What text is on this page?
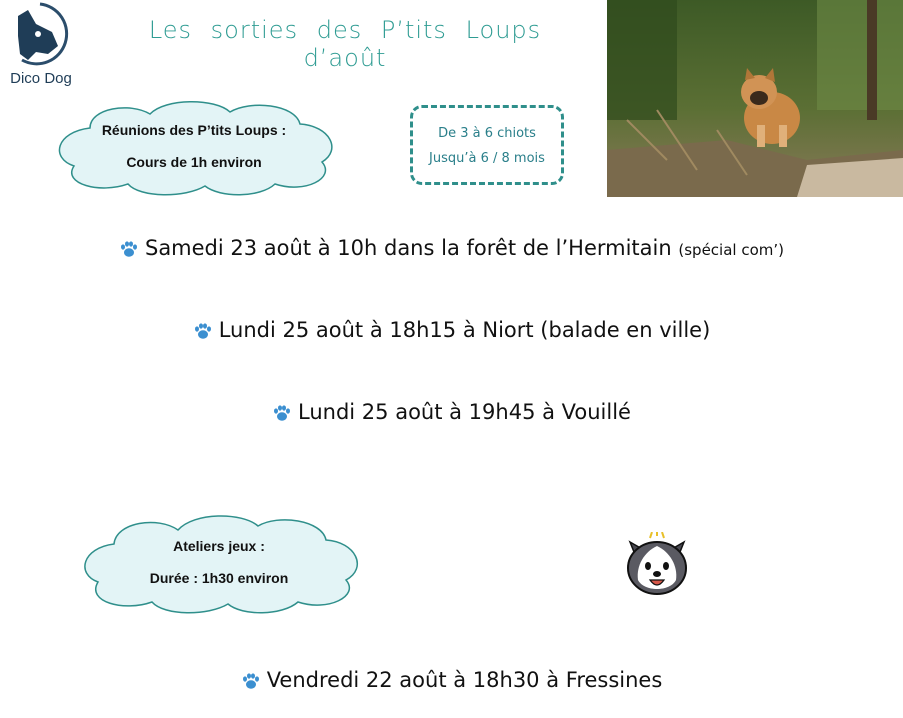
Dico Dog
Les sorties des P’tits Loups d’août
Réunions des P’tits Loups :
Cours de 1h environ
De 3 à 6 chiots
Jusqu’à 6 / 8 mois
Samedi 23 août à 10h dans la forêt de l’Hermitain (spécial com’)
Lundi 25 août à 18h15 à Niort (balade en ville)
Lundi 25 août à 19h45 à Vouillé
Ateliers jeux :
Durée : 1h30 environ
Vendredi 22 août à 18h30 à Fressines
